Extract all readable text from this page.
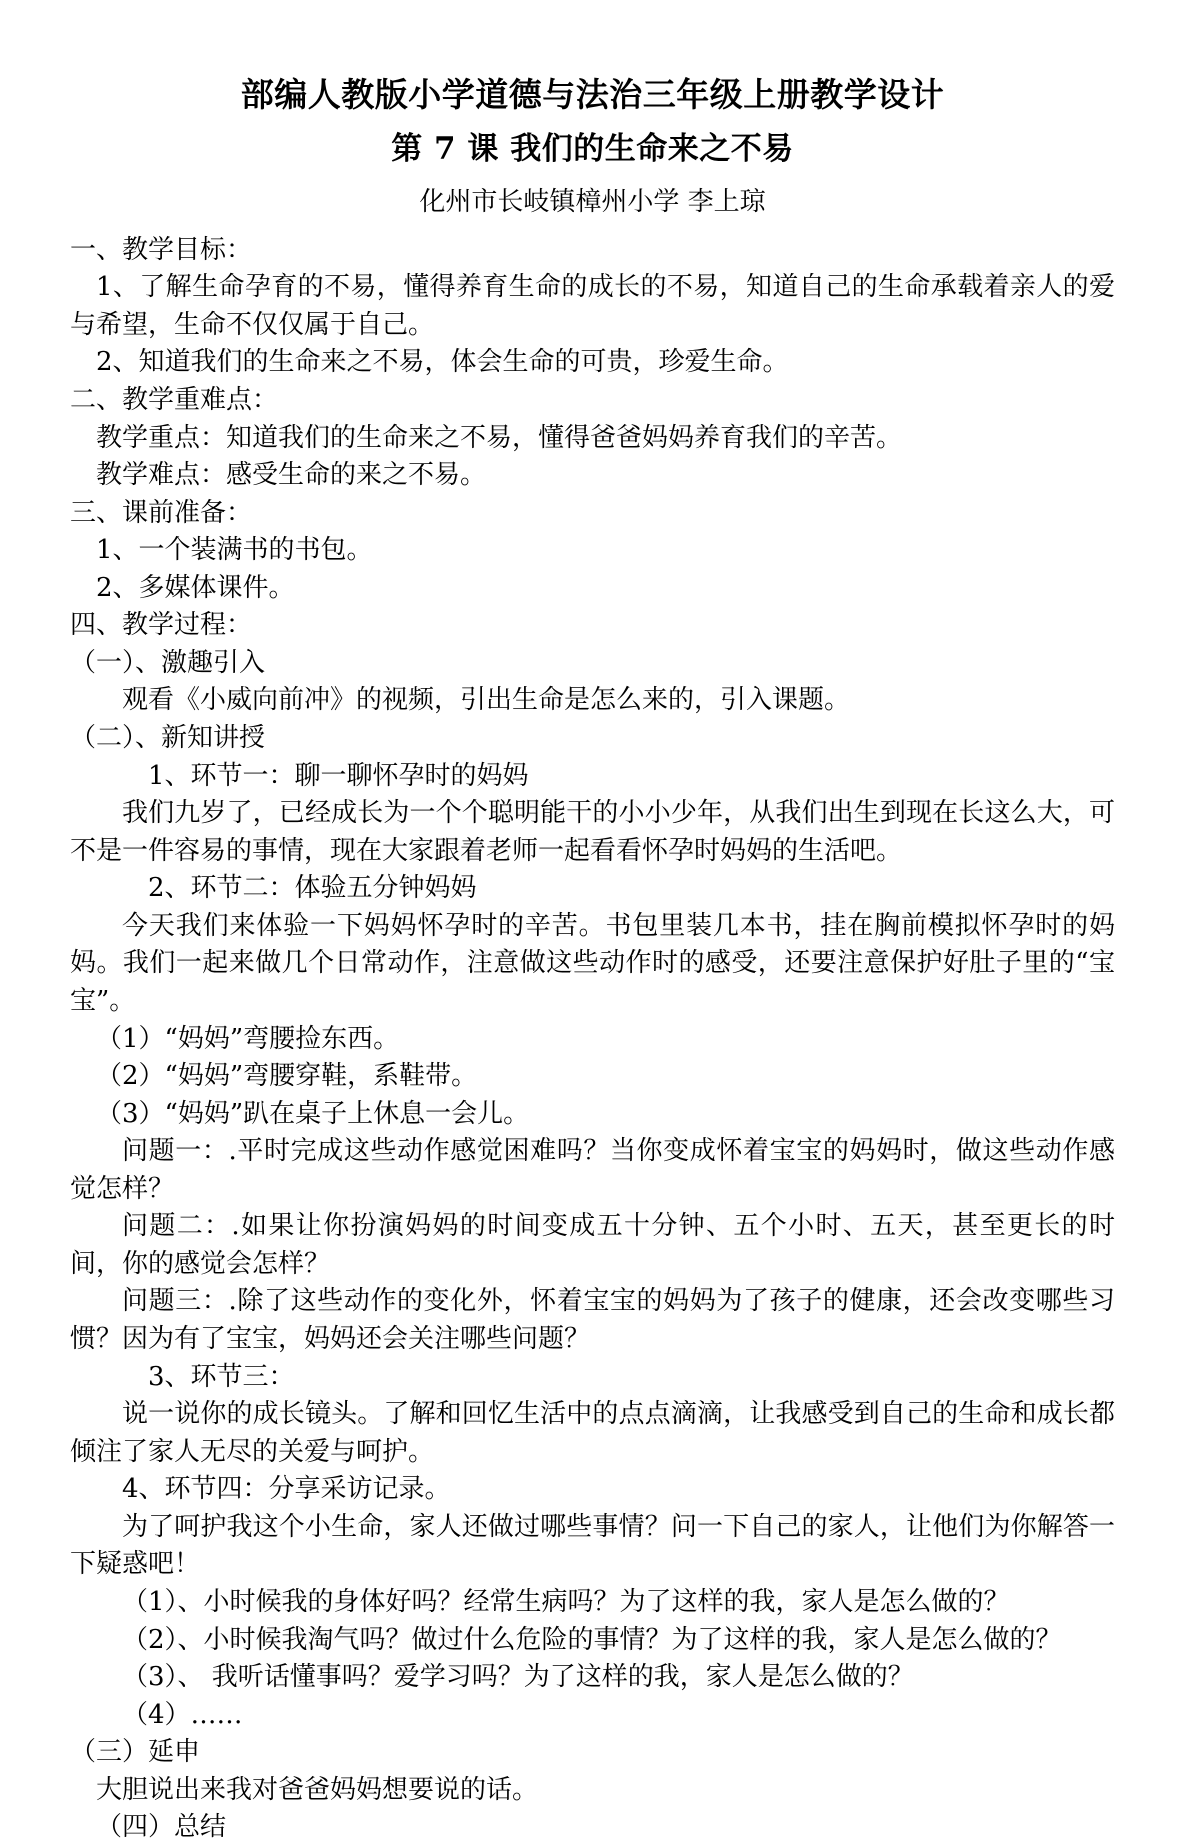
部编人教版小学道德与法治三年级上册教学设计
第 7 课 我们的生命来之不易
化州市长岐镇樟州小学 李上琼

一、教学目标：

1、了解生命孕育的不易，懂得养育生命的成长的不易，知道自己的生命承载着亲人的爱与希望，生命不仅仅属于自己。

2、知道我们的生命来之不易，体会生命的可贵，珍爱生命。

二、教学重难点：

教学重点：知道我们的生命来之不易，懂得爸爸妈妈养育我们的辛苦。

教学难点：感受生命的来之不易。

三、课前准备：

1、一个装满书的书包。

2、多媒体课件。

四、教学过程：

（一）、激趣引入

观看《小威向前冲》的视频，引出生命是怎么来的，引入课题。

（二）、新知讲授

1、环节一：聊一聊怀孕时的妈妈

我们九岁了，已经成长为一个个聪明能干的小小少年，从我们出生到现在长这么大，可不是一件容易的事情，现在大家跟着老师一起看看怀孕时妈妈的生活吧。

2、环节二：体验五分钟妈妈

今天我们来体验一下妈妈怀孕时的辛苦。书包里装几本书，挂在胸前模拟怀孕时的妈妈。我们一起来做几个日常动作，注意做这些动作时的感受，还要注意保护好肚子里的“宝宝”。

（1）“妈妈”弯腰捡东西。

（2）“妈妈”弯腰穿鞋，系鞋带。

（3）“妈妈”趴在桌子上休息一会儿。

问题一：.平时完成这些动作感觉困难吗？当你变成怀着宝宝的妈妈时，做这些动作感觉怎样？

问题二：.如果让你扮演妈妈的时间变成五十分钟、五个小时、五天，甚至更长的时间，你的感觉会怎样？

问题三：.除了这些动作的变化外，怀着宝宝的妈妈为了孩子的健康，还会改变哪些习惯？因为有了宝宝，妈妈还会关注哪些问题？

3、环节三：

说一说你的成长镜头。了解和回忆生活中的点点滴滴，让我感受到自己的生命和成长都倾注了家人无尽的关爱与呵护。

4、环节四：分享采访记录。

为了呵护我这个小生命，家人还做过哪些事情？问一下自己的家人，让他们为你解答一下疑惑吧！

（1）、小时候我的身体好吗？经常生病吗？为了这样的我，家人是怎么做的？

（2）、小时候我淘气吗？做过什么危险的事情？为了这样的我，家人是怎么做的？

（3）、 我听话懂事吗？爱学习吗？为了这样的我，家人是怎么做的？

（4）……

（三）延申

大胆说出来我对爸爸妈妈想要说的话。

（四）总结
